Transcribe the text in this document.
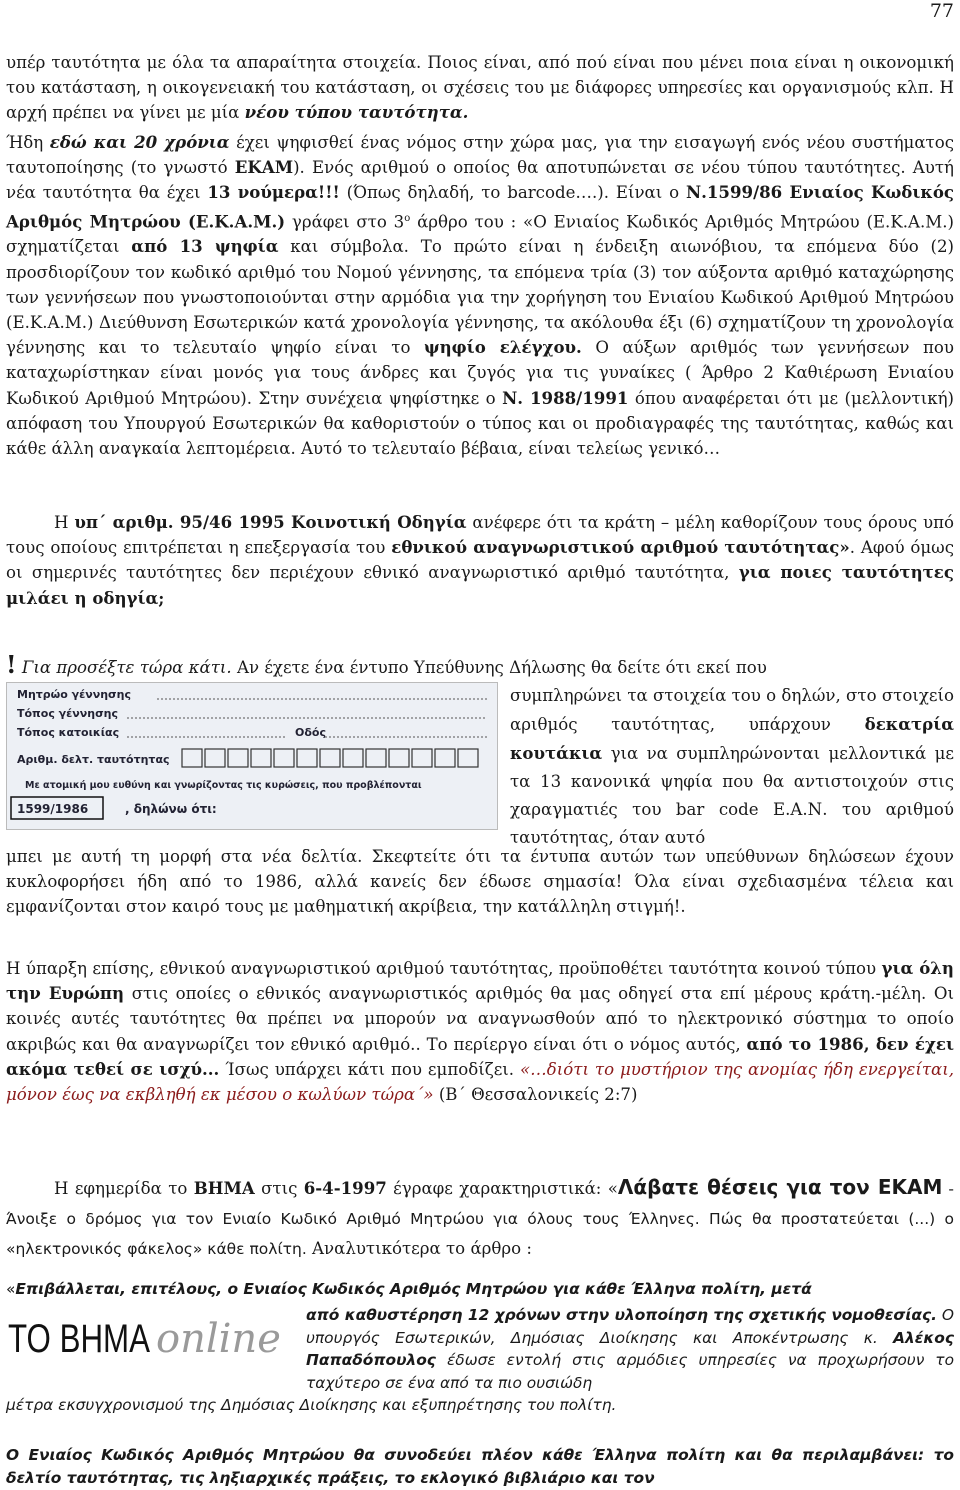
77
υπέρ ταυτότητα με όλα τα απαραίτητα στοιχεία. Ποιος είναι, από πού είναι που μένει ποια είναι η οικονομική του κατάσταση, η οικογενειακή του κατάσταση, οι σχέσεις του με διάφορες υπηρεσίες και οργανισμούς κλπ. Η αρχή πρέπει να γίνει με μία νέου τύπου ταυτότητα.
Ήδη εδώ και 20 χρόνια έχει ψηφισθεί ένας νόμος στην χώρα μας, για την εισαγωγή ενός νέου συστήματος ταυτοποίησης (το γνωστό ΕΚΑΜ). Ενός αριθμού ο οποίος θα αποτυπώνεται σε νέου τύπου ταυτότητες. Αυτή νέα ταυτότητα θα έχει 13 νούμερα!!! (Όπως δηλαδή, το barcode….). Είναι ο Ν.1599/86 Ενιαίος Κωδικός Αριθμός Μητρώου (Ε.Κ.Α.Μ.) γράφει στο $3^o$ άρθρο του : «Ο Ενιαίος Κωδικός Αριθμός Μητρώου (Ε.Κ.Α.Μ.) σχηματίζεται από 13 ψηφία και σύμβολα. Το πρώτο είναι η ένδειξη αιωνόβιου, τα επόμενα δύο (2) προσδιορίζουν τον κωδικό αριθμό του Νομού γέννησης, τα επόμενα τρία (3) τον αύξοντα αριθμό καταχώρησης των γεννήσεων που γνωστοποιούνται στην αρμόδια για την χορήγηση του Ενιαίου Κωδικού Αριθμού Μητρώου (Ε.Κ.Α.Μ.) Διεύθυνση Εσωτερικών κατά χρονολογία γέννησης, τα ακόλουθα έξι (6) σχηματίζουν τη χρονολογία γέννησης και το τελευταίο ψηφίο είναι το ψηφίο ελέγχου. Ο αύξων αριθμός των γεννήσεων που καταχωρίστηκαν είναι μονός για τους άνδρες και ζυγός για τις γυναίκες ( Άρθρο 2 Καθιέρωση Ενιαίου Κωδικού Αριθμού Μητρώου). Στην συνέχεια ψηφίστηκε ο Ν. 1988/1991 όπου αναφέρεται ότι με (μελλοντική) απόφαση του Υπουργού Εσωτερικών θα καθοριστούν ο τύπος και οι προδιαγραφές της ταυτότητας, καθώς και κάθε άλλη αναγκαία λεπτομέρεια. Αυτό το τελευταίο βέβαια, είναι τελείως γενικό…
Η υπ΄ αριθμ. 95/46 1995 Κοινοτική Οδηγία ανέφερε ότι τα κράτη – μέλη καθορίζουν τους όρους υπό τους οποίους επιτρέπεται η επεξεργασία του εθνικού αναγνωριστικού αριθμού ταυτότητας». Αφού όμως οι σημερινές ταυτότητες δεν περιέχουν εθνικό αναγνωριστικό αριθμό ταυτότητα, για ποιες ταυτότητες μιλάει η οδηγία;
! Για προσέξτε τώρα κάτι. Αν έχετε ένα έντυπο Υπεύθυνης Δήλωσης θα δείτε ότι εκεί που
Μητρώο γέννησης
Τόπος γέννησης
Τόπος κατοικίας	Οδός
Αριθμ. δελτ. ταυτότητας
Με ατομική μου ευθύνη και γνωρίζοντας τις κυρώσεις, που προβλέπονται
1599/1986	, δηλώνω ότι:
συμπληρώνει τα στοιχεία του ο δηλών, στο στοιχείο αριθμός ταυτότητας, υπάρχουν δεκατρία κουτάκια για να συμπληρώνονται μελλοντικά με τα 13 κανονικά ψηφία που θα αντιστοιχούν στις χαραγματιές του bar code Ε.Α.Ν. του αριθμού ταυτότητας, όταν αυτό
μπει με αυτή τη μορφή στα νέα δελτία. Σκεφτείτε ότι τα έντυπα αυτών των υπεύθυνων δηλώσεων έχουν κυκλοφορήσει ήδη από το 1986, αλλά κανείς δεν έδωσε σημασία! Όλα είναι σχεδιασμένα τέλεια και εμφανίζονται στον καιρό τους με μαθηματική ακρίβεια, την κατάλληλη στιγμή!.
Η ύπαρξη επίσης, εθνικού αναγνωριστικού αριθμού ταυτότητας, προϋποθέτει ταυτότητα κοινού τύπου για όλη την Ευρώπη στις οποίες ο εθνικός αναγνωριστικός αριθμός θα μας οδηγεί στα επί μέρους κράτη.-μέλη. Οι κοινές αυτές ταυτότητες θα πρέπει να μπορούν να αναγνωσθούν από το ηλεκτρονικό σύστημα το οποίο ακριβώς και θα αναγνωρίζει τον εθνικό αριθμό.. Το περίεργο είναι ότι ο νόμος αυτός, από το 1986, δεν έχει ακόμα τεθεί σε ισχύ... Ίσως υπάρχει κάτι που εμποδίζει. «…διότι το μυστήριον της ανομίας ήδη ενεργείται, μόνον έως να εκβληθή εκ μέσου ο κωλύων τώρα΄» (Β΄ Θεσσαλονικείς 2:7)
Η εφημερίδα το ΒΗΜΑ στις 6-4-1997 έγραφε χαρακτηριστικά: «Λάβατε θέσεις για τον ΕΚΑΜ - Άνοιξε ο δρόμος για τον Ενιαίο Κωδικό Αριθμό Μητρώου για όλους τους Έλληνες. Πώς θα προστατεύεται (...) ο «ηλεκτρονικός φάκελος» κάθε πολίτη. Αναλυτικότερα το άρθρο :
«Επιβάλλεται, επιτέλους, ο Ενιαίος Κωδικός Αριθμός Μητρώου για κάθε Έλληνα πολίτη, μετά
ΤΟ ΒΗΜΑ online
από καθυστέρηση 12 χρόνων στην υλοποίηση της σχετικής νομοθεσίας. Ο υπουργός Εσωτερικών, Δημόσιας Διοίκησης και Αποκέντρωσης κ. Αλέκος Παπαδόπουλος έδωσε εντολή στις αρμόδιες υπηρεσίες να προχωρήσουν το ταχύτερο σε ένα από τα πιο ουσιώδη
μέτρα εκσυγχρονισμού της Δημόσιας Διοίκησης και εξυπηρέτησης του πολίτη.
Ο Ενιαίος Κωδικός Αριθμός Μητρώου θα συνοδεύει πλέον κάθε Έλληνα πολίτη και θα περιλαμβάνει: το δελτίο ταυτότητας, τις ληξιαρχικές πράξεις, το εκλογικό βιβλιάριο και τον
